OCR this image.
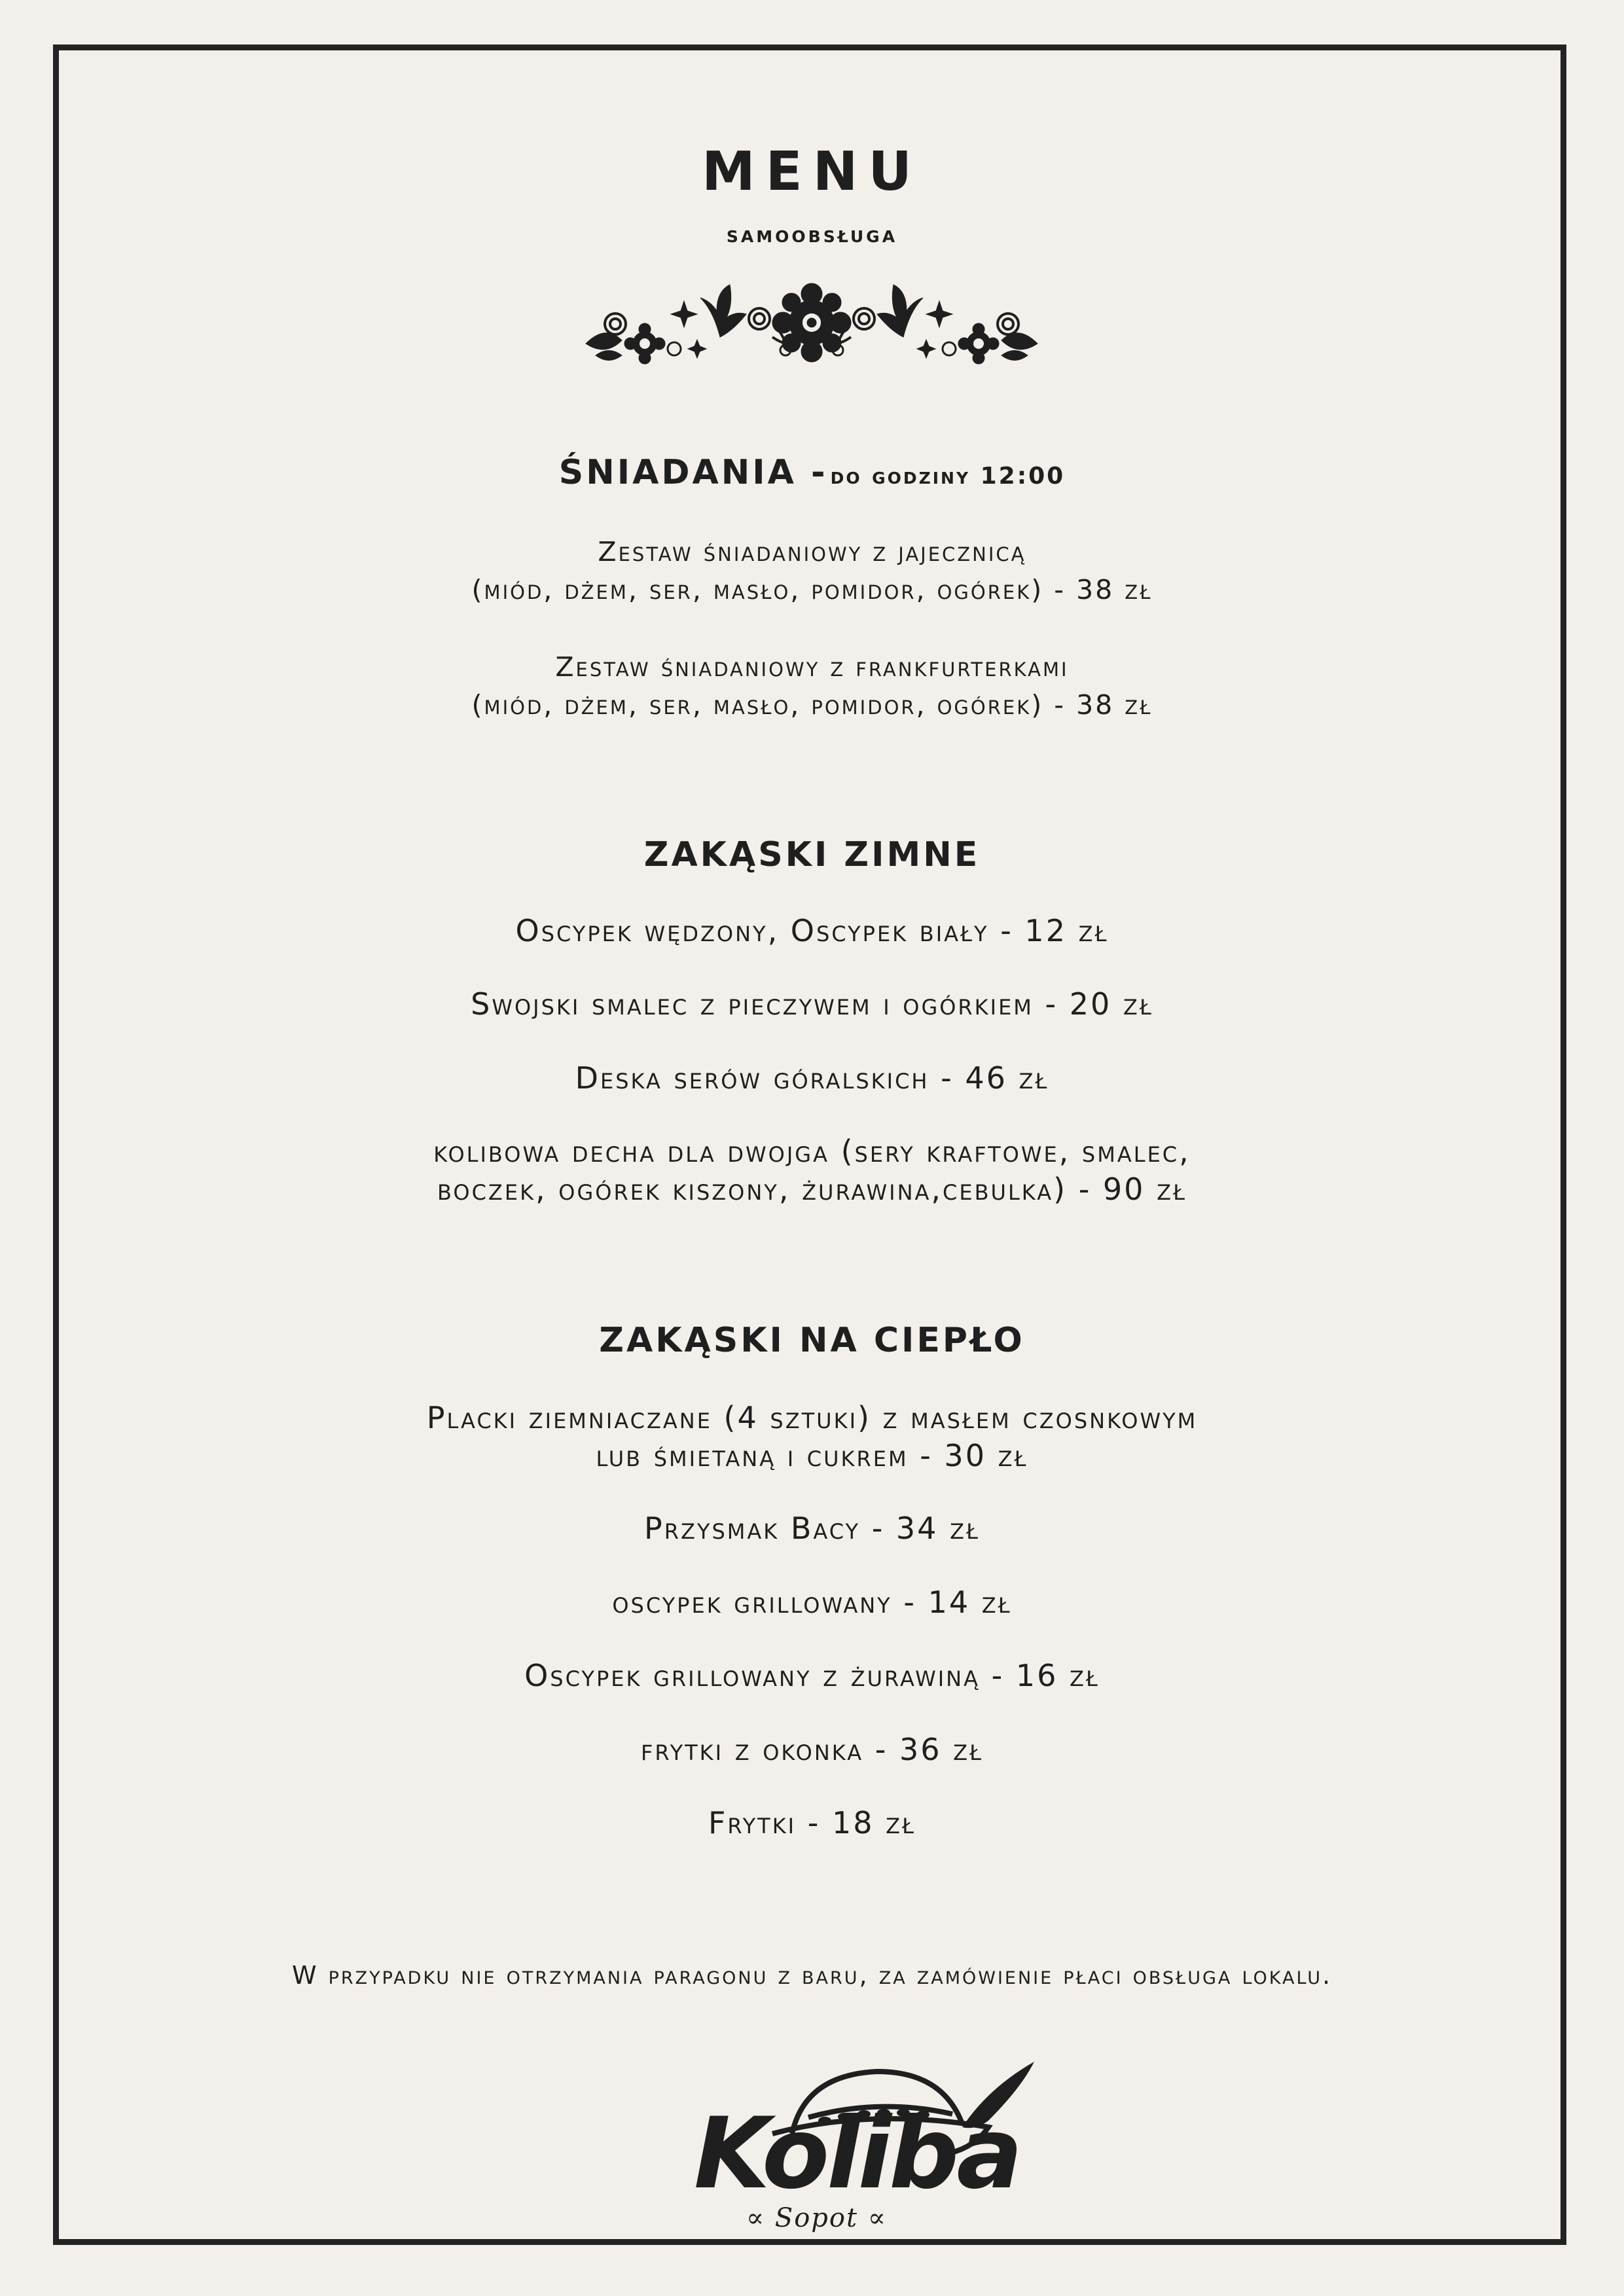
MENU
samoobsługa
ŚNIADANIA - do godziny 12:00
Zestaw śniadaniowy z jajecznicą
(miód, dżem, ser, masło, pomidor, ogórek) - 38 zł
Zestaw śniadaniowy z frankfurterkami
(miód, dżem, ser, masło, pomidor, ogórek) - 38 zł
ZAKĄSKI ZIMNE
Oscypek wędzony, Oscypek biały - 12 zł
Swojski smalec z pieczywem i ogórkiem - 20 zł
Deska serów góralskich - 46 zł
kolibowa decha dla dwojga (sery kraftowe, smalec,
boczek, ogórek kiszony, żurawina,cebulka) - 90 zł
ZAKĄSKI NA CIEPŁO
Placki ziemniaczane (4 sztuki) z masłem czosnkowym
lub śmietaną i cukrem - 30 zł
Przysmak Bacy - 34 zł
oscypek grillowany - 14 zł
Oscypek grillowany z żurawiną - 16 zł
frytki z okonka - 36 zł
Frytki - 18 zł
W przypadku nie otrzymania paragonu z baru, za zamówienie płaci obsługa lokalu.
Koliba
∝ Sopot ∝
